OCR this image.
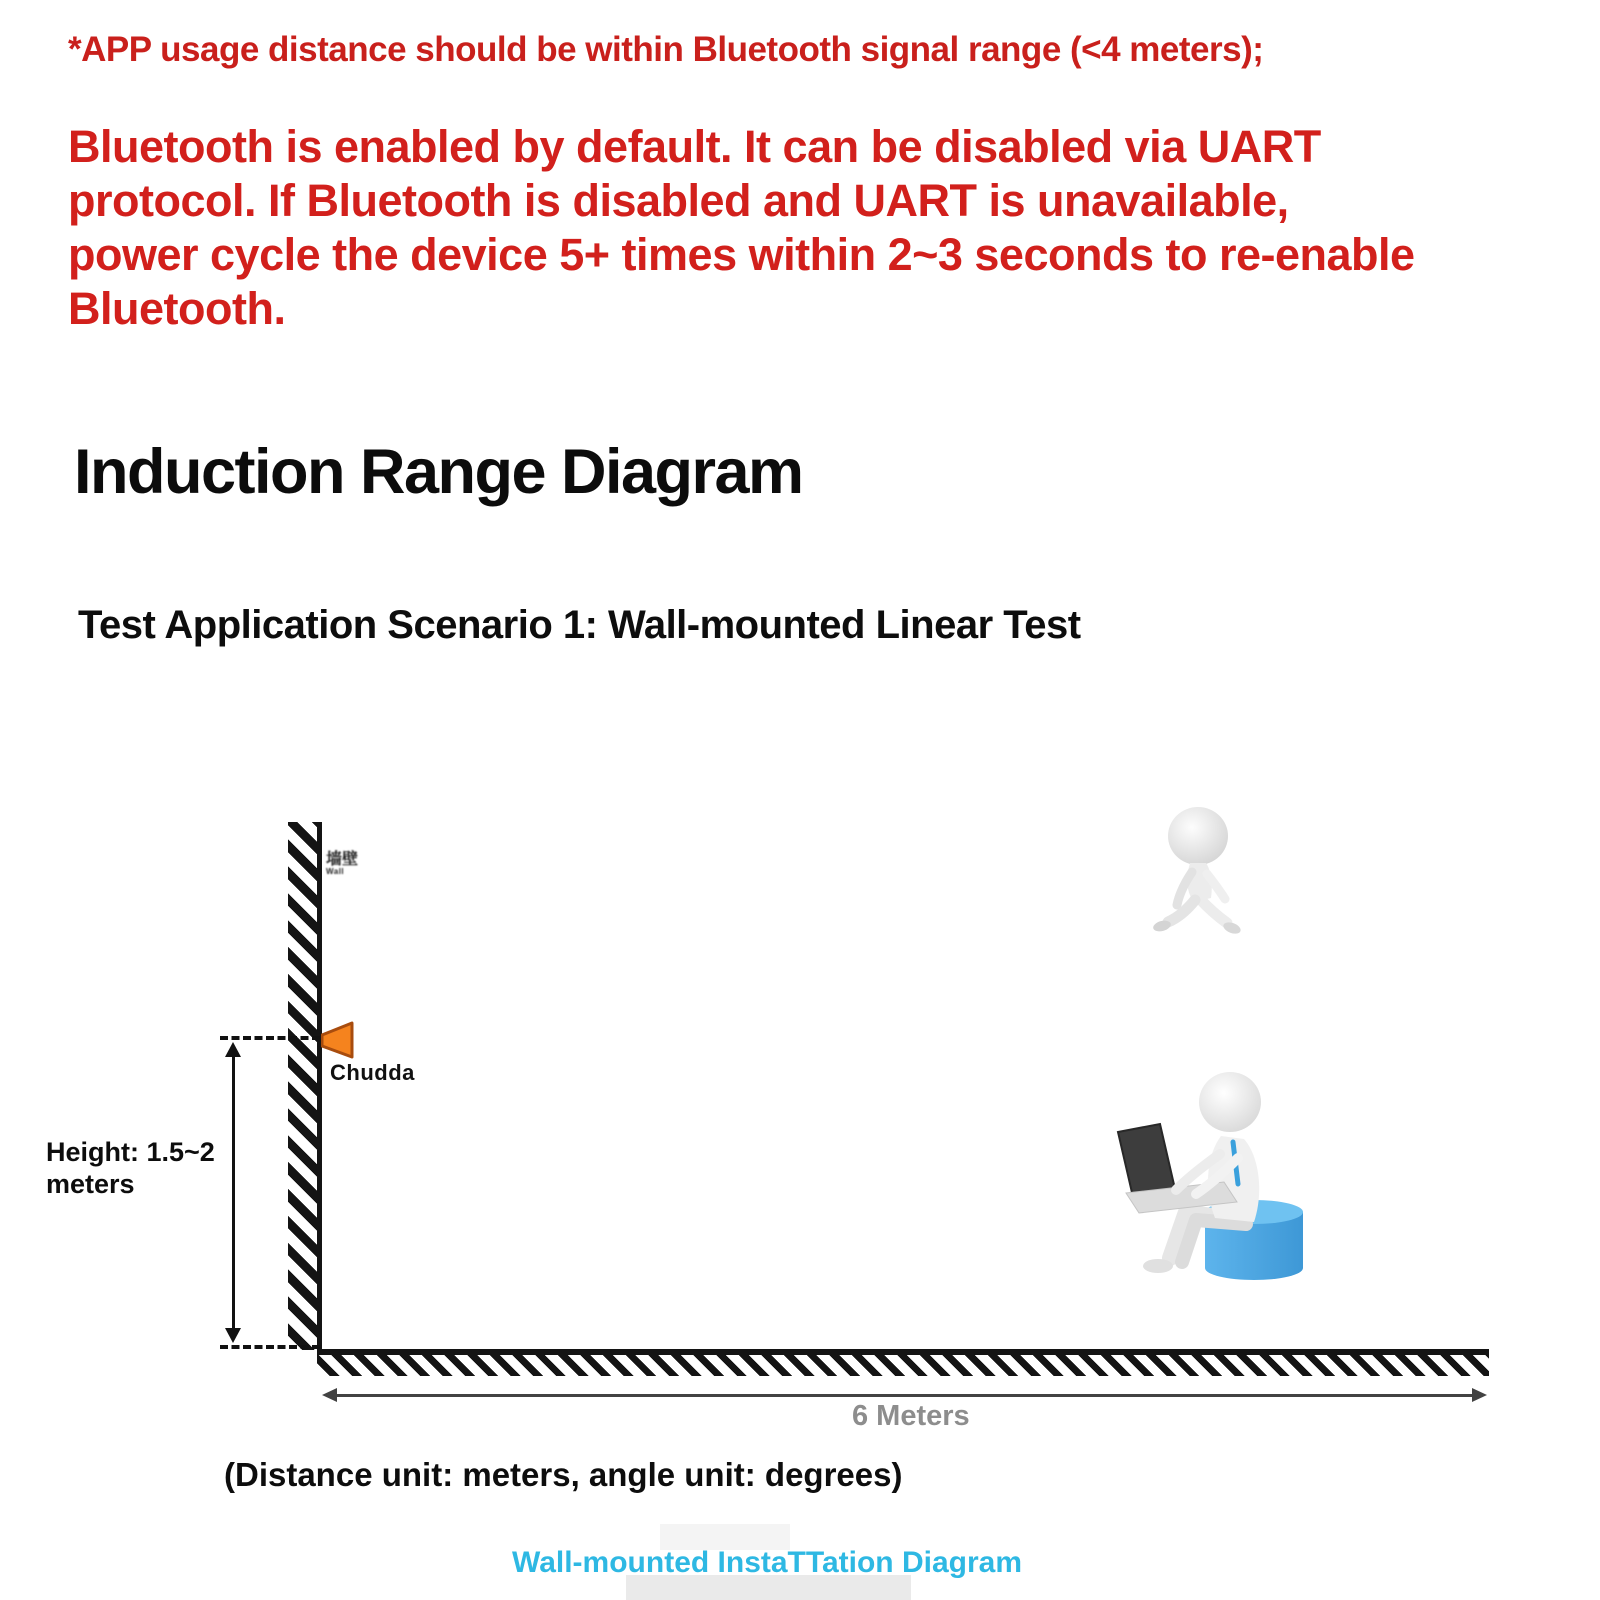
*APP usage distance should be within Bluetooth signal range (<4 meters);
Bluetooth is enabled by default. It can be disabled via UART
protocol. If Bluetooth is disabled and UART is unavailable,
power cycle the device 5+ times within 2~3 seconds to re-enable
Bluetooth.
Induction Range Diagram
Test Application Scenario 1: Wall-mounted Linear Test
墙壁
Wall
Chudda
Height: 1.5~2
meters
6 Meters
(Distance unit: meters, angle unit: degrees)
Wall-mounted InstaTTation Diagram
